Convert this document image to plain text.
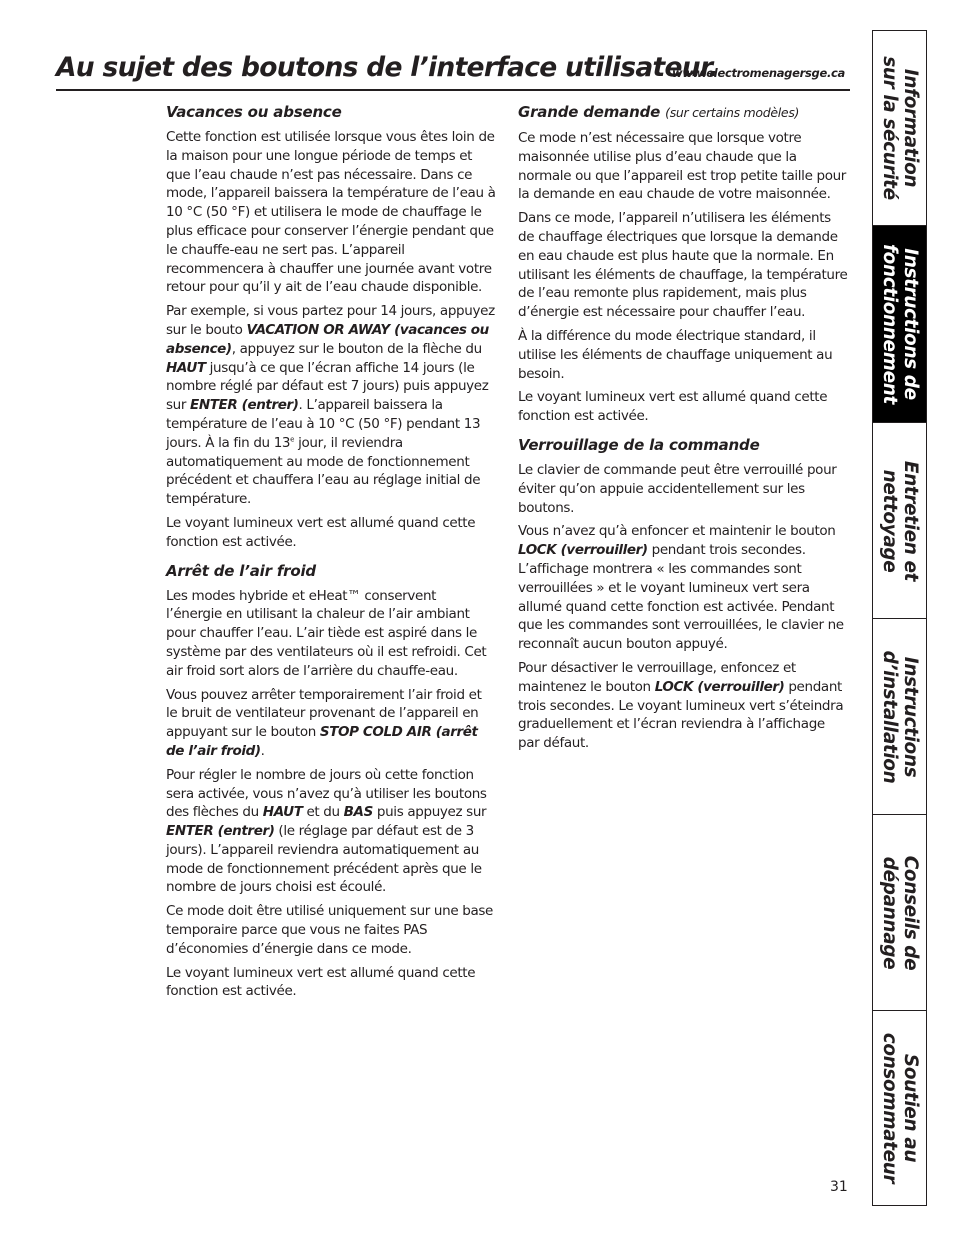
Au sujet des boutons de l’interface utilisateur.
www.electromenagersge.ca
Vacances ou absence

Cette fonction est utilisée lorsque vous êtes loin de la maison pour une longue période de temps et que l’eau chaude n’est pas nécessaire. Dans ce mode, l’appareil baissera la température de l’eau à 10 °C (50 °F) et utilisera le mode de chauffage le plus efficace pour conserver l’énergie pendant que le chauffe-eau ne sert pas. L’appareil recommencera à chauffer une journée avant votre retour pour qu’il y ait de l’eau chaude disponible.

Par exemple, si vous partez pour 14 jours, appuyez sur le bouto VACATION OR AWAY (vacances ou absence), appuyez sur le bouton de la flèche du HAUT jusqu’à ce que l’écran affiche 14 jours (le nombre réglé par défaut est 7 jours) puis appuyez sur ENTER (entrer). L’appareil baissera la température de l’eau à 10 °C (50 °F) pendant 13 jours. À la fin du 13e jour, il reviendra automatiquement au mode de fonctionnement précédent et chauffera l’eau au réglage initial de température.

Le voyant lumineux vert est allumé quand cette fonction est activée.

Arrêt de l’air froid

Les modes hybride et eHeat™ conservent l’énergie en utilisant la chaleur de l’air ambiant pour chauffer l’eau. L’air tiède est aspiré dans le système par des ventilateurs où il est refroidi. Cet air froid sort alors de l’arrière du chauffe-eau.

Vous pouvez arrêter temporairement l’air froid et le bruit de ventilateur provenant de l’appareil en appuyant sur le bouton STOP COLD AIR (arrêt de l’air froid).

Pour régler le nombre de jours où cette fonction sera activée, vous n’avez qu’à utiliser les boutons des flèches du HAUT et du BAS puis appuyez sur ENTER (entrer) (le réglage par défaut est de 3 jours). L’appareil reviendra automatiquement au mode de fonctionnement précédent après que le nombre de jours choisi est écoulé.

Ce mode doit être utilisé uniquement sur une base temporaire parce que vous ne faites PAS d’économies d’énergie dans ce mode.

Le voyant lumineux vert est allumé quand cette fonction est activée.

Grande demande (sur certains modèles)

Ce mode n’est nécessaire que lorsque votre maisonnée utilise plus d’eau chaude que la normale ou que l’appareil est trop petite taille pour la demande en eau chaude de votre maisonnée.

Dans ce mode, l’appareil n’utilisera les éléments de chauffage électriques que lorsque la demande en eau chaude est plus haute que la normale. En utilisant les éléments de chauffage, la température de l’eau remonte plus rapidement, mais plus d’énergie est nécessaire pour chauffer l’eau.

À la différence du mode électrique standard, il utilise les éléments de chauffage uniquement au besoin.

Le voyant lumineux vert est allumé quand cette fonction est activée.

Verrouillage de la commande

Le clavier de commande peut être verrouillé pour éviter qu’on appuie accidentellement sur les boutons.

Vous n’avez qu’à enfoncer et maintenir le bouton LOCK (verrouiller) pendant trois secondes. L’affichage montrera « les commandes sont verrouillées » et le voyant lumineux vert sera allumé quand cette fonction est activée. Pendant que les commandes sont verrouillées, le clavier ne reconnaît aucun bouton appuyé.

Pour désactiver le verrouillage, enfoncez et maintenez le bouton LOCK (verrouiller) pendant trois secondes. Le voyant lumineux vert s’éteindra graduellement et l’écran reviendra à l’affichage par défaut.

Information
sur la sécurité
Instructions de
fonctionnement
Entretien et
nettoyage
Instructions
d’installation
Conseils de
dépannage
Soutien au
consommateur
31
